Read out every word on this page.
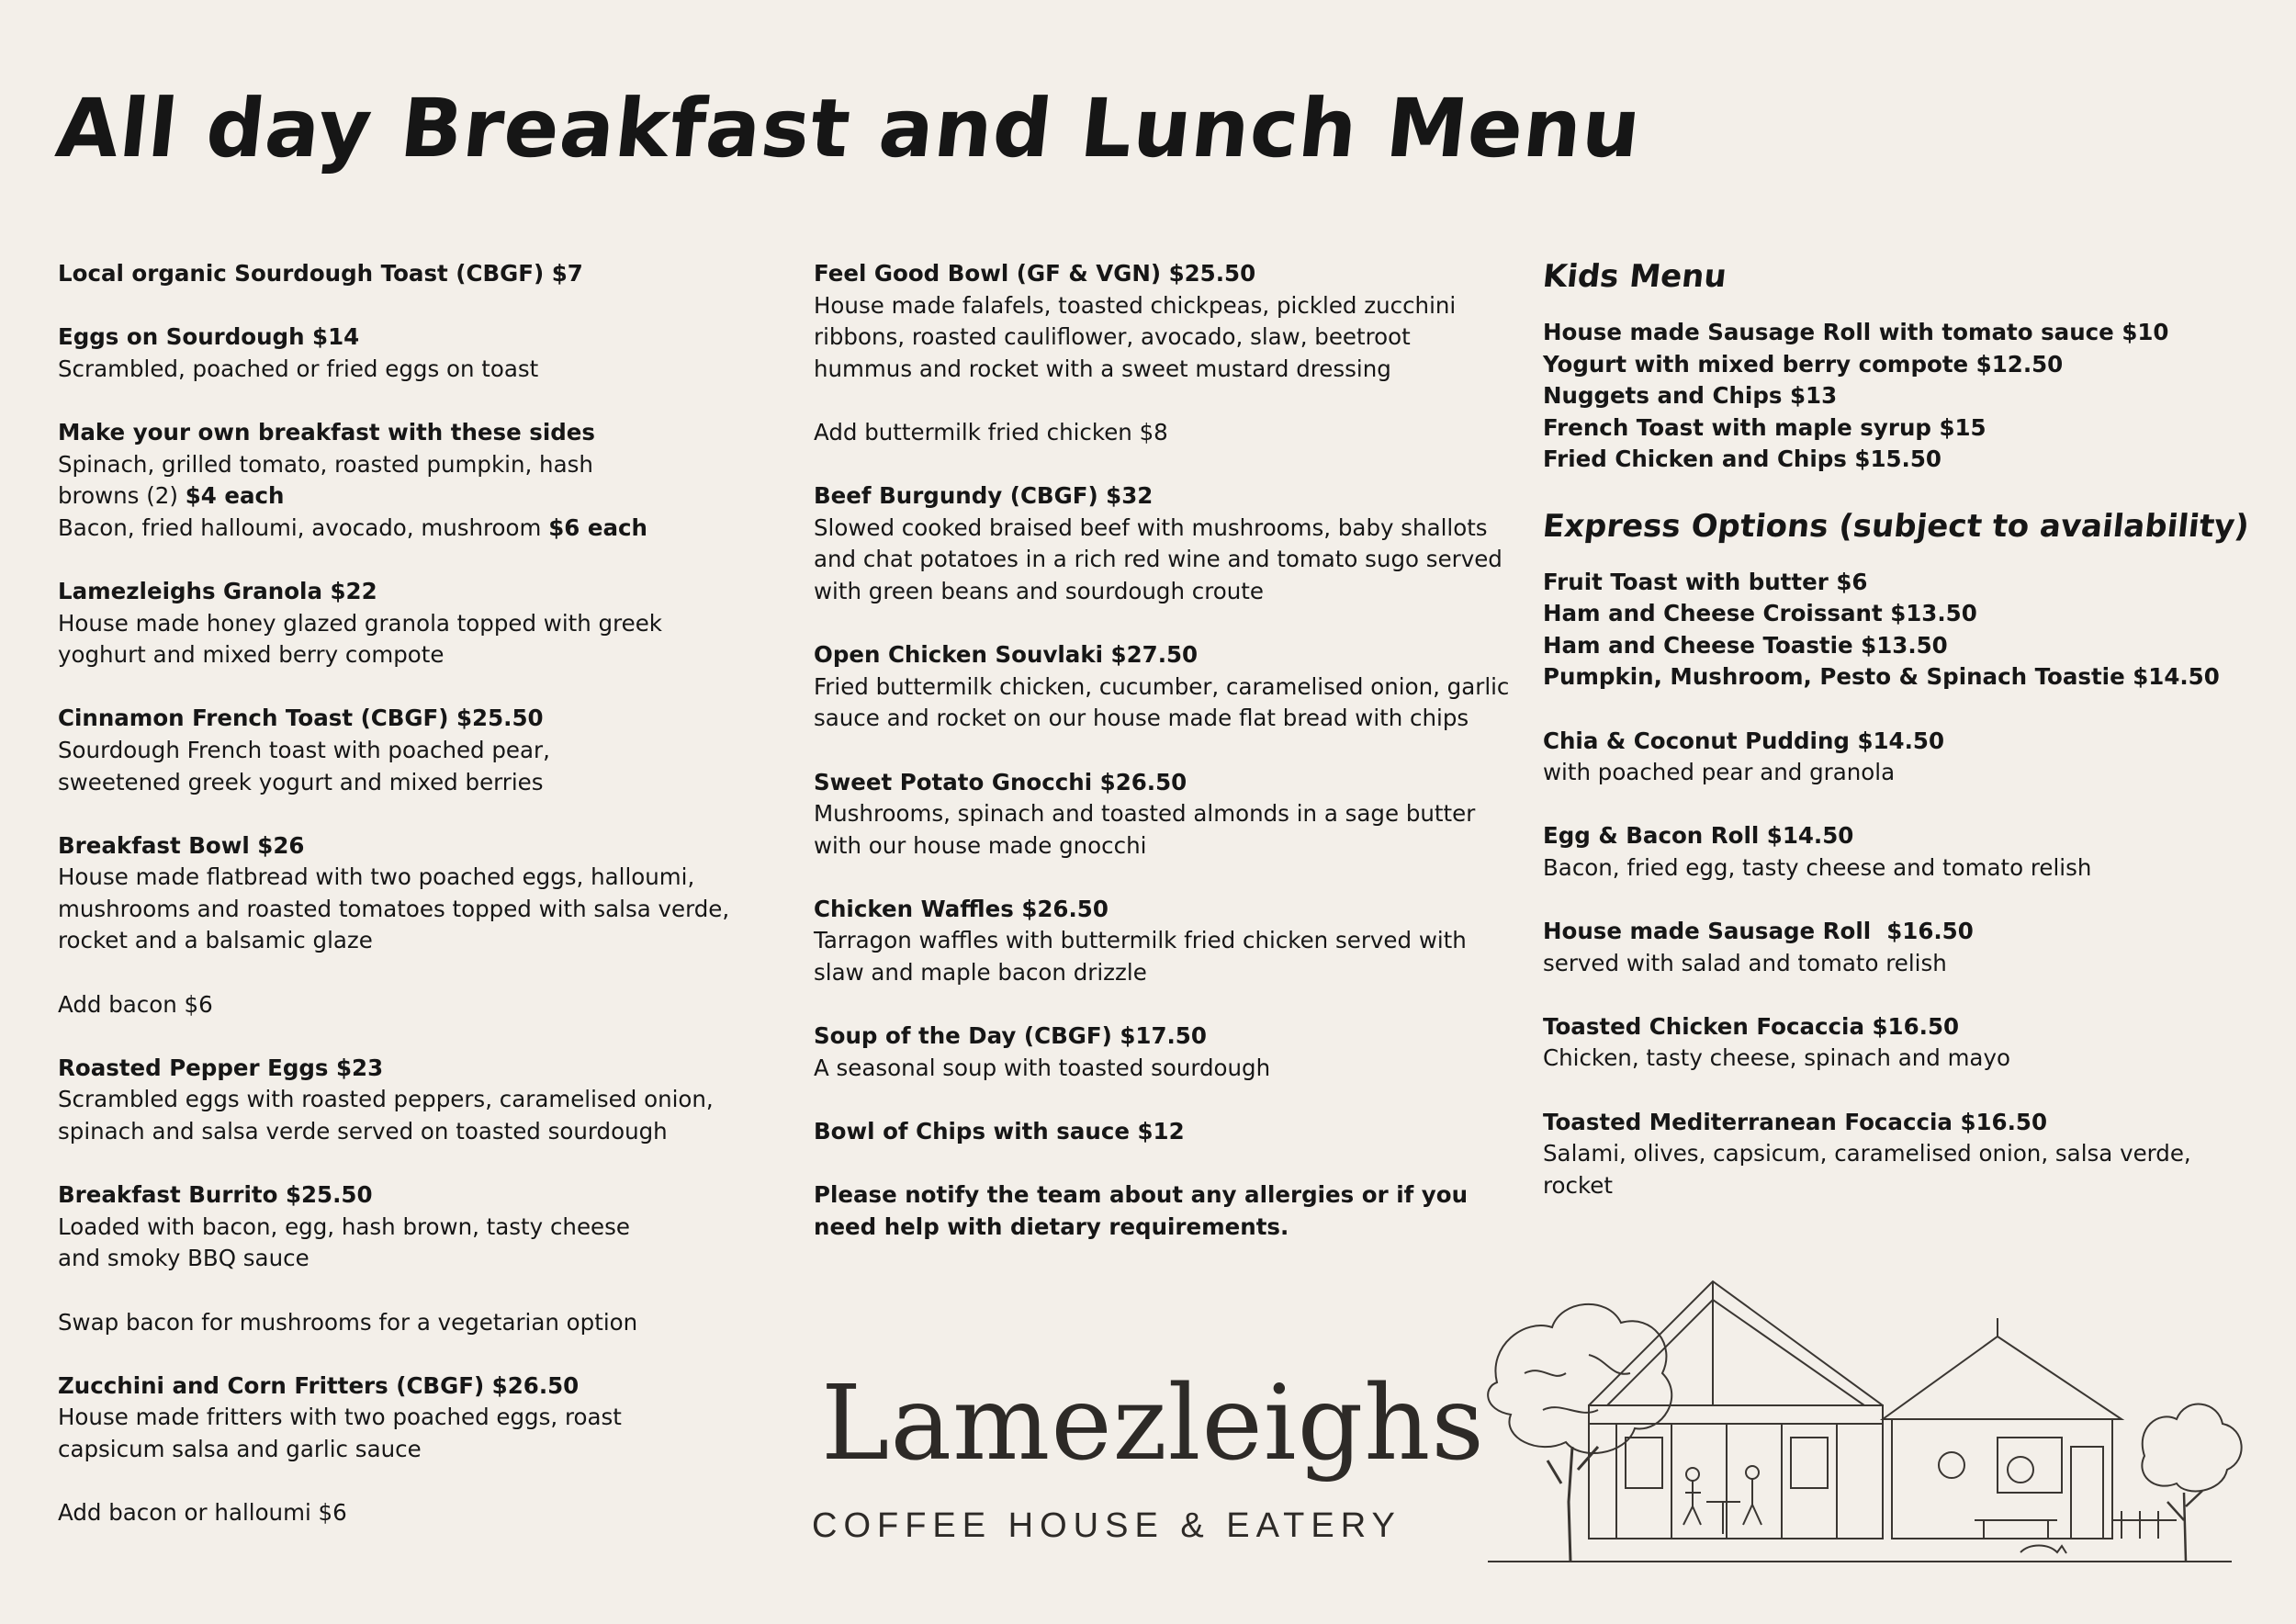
All day Breakfast and Lunch Menu
Local organic Sourdough Toast (CBGF) $7
Eggs on Sourdough $14
Scrambled, poached or fried eggs on toast
Make your own breakfast with these sides
Spinach, grilled tomato, roasted pumpkin, hash
browns (2) $4 each
Bacon, fried halloumi, avocado, mushroom $6 each
Lamezleighs Granola $22
House made honey glazed granola topped with greek yoghurt and mixed berry compote
Cinnamon French Toast (CBGF) $25.50
Sourdough French toast with poached pear, sweetened greek yogurt and mixed berries
Breakfast Bowl $26
House made flatbread with two poached eggs, halloumi, mushrooms and roasted tomatoes topped with salsa verde, rocket and a balsamic glaze
Add bacon $6
Roasted Pepper Eggs $23
Scrambled eggs with roasted peppers, caramelised onion, spinach and salsa verde served on toasted sourdough
Breakfast Burrito $25.50
Loaded with bacon, egg, hash brown, tasty cheese and smoky BBQ sauce
Swap bacon for mushrooms for a vegetarian option
Zucchini and Corn Fritters (CBGF) $26.50
House made fritters with two poached eggs, roast capsicum salsa and garlic sauce
Add bacon or halloumi $6
Feel Good Bowl (GF & VGN) $25.50
House made falafels, toasted chickpeas, pickled zucchini ribbons, roasted cauliflower, avocado, slaw, beetroot hummus and rocket with a sweet mustard dressing
Add buttermilk fried chicken $8
Beef Burgundy (CBGF) $32
Slowed cooked braised beef with mushrooms, baby shallots and chat potatoes in a rich red wine and tomato sugo served with green beans and sourdough croute
Open Chicken Souvlaki $27.50
Fried buttermilk chicken, cucumber, caramelised onion, garlic sauce and rocket on our house made flat bread with chips
Sweet Potato Gnocchi $26.50
Mushrooms, spinach and toasted almonds in a sage butter with our house made gnocchi
Chicken Waffles $26.50
Tarragon waffles with buttermilk fried chicken served with slaw and maple bacon drizzle
Soup of the Day (CBGF) $17.50
A seasonal soup with toasted sourdough
Bowl of Chips with sauce $12
Please notify the team about any allergies or if you need help with dietary requirements.
Kids Menu
House made Sausage Roll with tomato sauce $10
Yogurt with mixed berry compote $12.50
Nuggets and Chips $13
French Toast with maple syrup $15
Fried Chicken and Chips $15.50
Express Options (subject to availability)
Fruit Toast with butter $6
Ham and Cheese Croissant $13.50
Ham and Cheese Toastie $13.50
Pumpkin, Mushroom, Pesto & Spinach Toastie $14.50
Chia & Coconut Pudding $14.50
with poached pear and granola
Egg & Bacon Roll $14.50
Bacon, fried egg, tasty cheese and tomato relish
House made Sausage Roll  $16.50
served with salad and tomato relish
Toasted Chicken Focaccia $16.50
Chicken, tasty cheese, spinach and mayo
Toasted Mediterranean Focaccia $16.50
Salami, olives, capsicum, caramelised onion, salsa verde, rocket
Lamezleighs
COFFEE HOUSE & EATERY
